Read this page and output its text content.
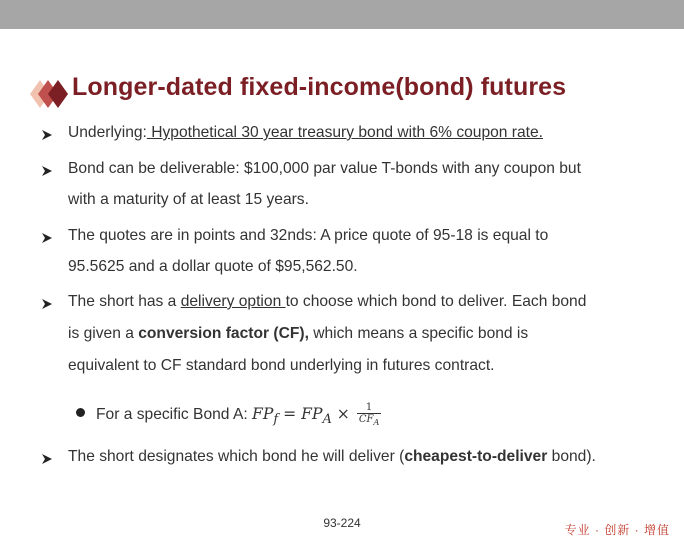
Longer-dated fixed-income(bond) futures
Underlying: Hypothetical 30 year treasury bond with 6% coupon rate.
Bond can be deliverable: $100,000 par value T-bonds with any coupon but
with a maturity of at least 15 years.
The quotes are in points and 32nds: A price quote of 95-18 is equal to
95.5625 and a dollar quote of $95,562.50.
The short has a delivery option to choose which bond to deliver. Each bond
is given a conversion factor (CF), which means a specific bond is
equivalent to CF standard bond underlying in futures contract.
For a specific Bond A: $FP_f = FP_A \times \frac{1}{CF_A}$
The short designates which bond he will deliver (cheapest-to-deliver bond).
93-224	专业 · 创新 · 增值
